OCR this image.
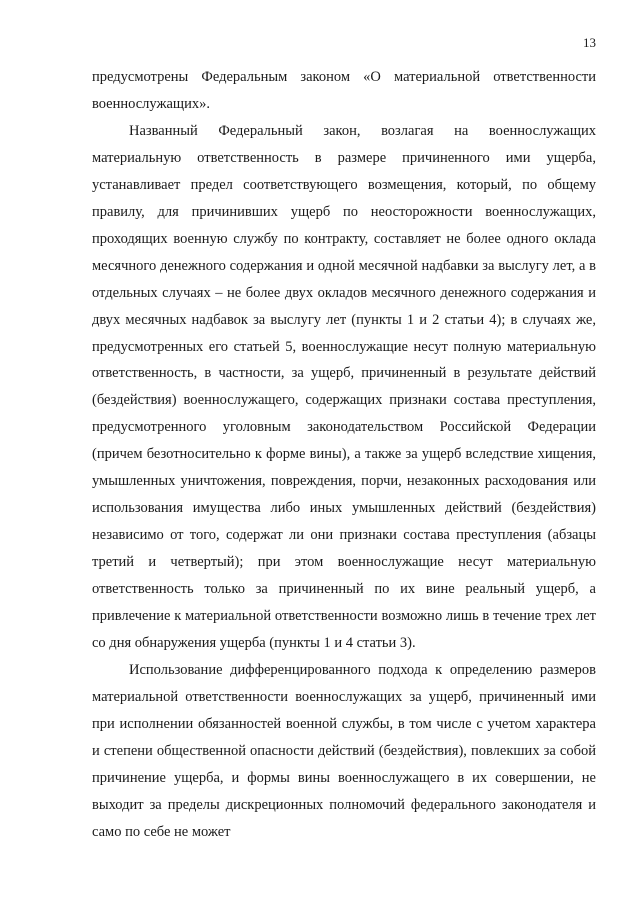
13

предусмотрены Федеральным законом «О материальной ответственности военнослужащих».

Названный Федеральный закон, возлагая на военнослужащих материальную ответственность в размере причиненного ими ущерба, устанавливает предел соответствующего возмещения, который, по общему правилу, для причинивших ущерб по неосторожности военнослужащих, проходящих военную службу по контракту, составляет не более одного оклада месячного денежного содержания и одной месячной надбавки за выслугу лет, а в отдельных случаях – не более двух окладов месячного денежного содержания и двух месячных надбавок за выслугу лет (пункты 1 и 2 статьи 4); в случаях же, предусмотренных его статьей 5, военнослужащие несут полную материальную ответственность, в частности, за ущерб, причиненный в результате действий (бездействия) военнослужащего, содержащих признаки состава преступления, предусмотренного уголовным законодательством Российской Федерации (причем безотносительно к форме вины), а также за ущерб вследствие хищения, умышленных уничтожения, повреждения, порчи, незаконных расходования или использования имущества либо иных умышленных действий (бездействия) независимо от того, содержат ли они признаки состава преступления (абзацы третий и четвертый); при этом военнослужащие несут материальную ответственность только за причиненный по их вине реальный ущерб, а привлечение к материальной ответственности возможно лишь в течение трех лет со дня обнаружения ущерба (пункты 1 и 4 статьи 3).

Использование дифференцированного подхода к определению размеров материальной ответственности военнослужащих за ущерб, причиненный ими при исполнении обязанностей военной службы, в том числе с учетом характера и степени общественной опасности действий (бездействия), повлекших за собой причинение ущерба, и формы вины военнослужащего в их совершении, не выходит за пределы дискреционных полномочий федерального законодателя и само по себе не может
